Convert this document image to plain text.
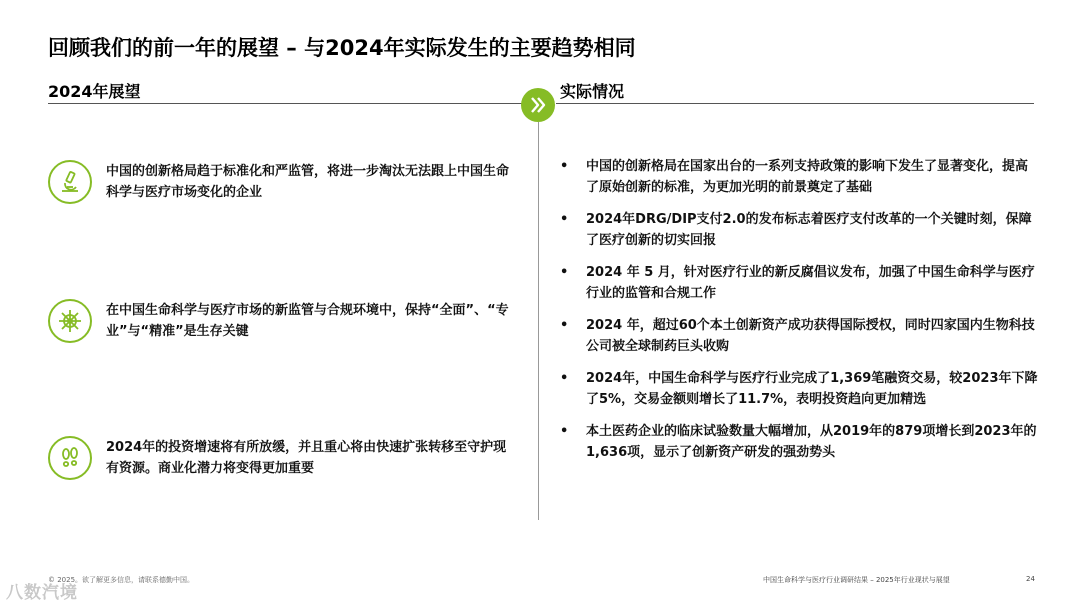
回顾我们的前一年的展望 – 与2024年实际发生的主要趋势相同
2024年展望	实际情况
中国的创新格局趋于标准化和严监管，将进一步淘汰无法跟上中国生命科学与医疗市场变化的企业
在中国生命科学与医疗市场的新监管与合规环境中，保持“全面”、“专业”与“精准”是生存关键
2024年的投资增速将有所放缓，并且重心将由快速扩张转移至守护现有资源。商业化潜力将变得更加重要
• 中国的创新格局在国家出台的一系列支持政策的影响下发生了显著变化，提高了原始创新的标准，为更加光明的前景奠定了基础
• 2024年DRG/DIP支付2.0的发布标志着医疗支付改革的一个关键时刻，保障了医疗创新的切实回报
• 2024 年 5 月，针对医疗行业的新反腐倡议发布，加强了中国生命科学与医疗行业的监管和合规工作
• 2024 年，超过60个本土创新资产成功获得国际授权，同时四家国内生物科技公司被全球制药巨头收购
• 2024年，中国生命科学与医疗行业完成了1,369笔融资交易，较2023年下降了5%，交易金额则增长了11.7%，表明投资趋向更加精选
• 本土医药企业的临床试验数量大幅增加，从2019年的879项增长到2023年的1,636项，显示了创新资产研发的强劲势头
八数汽境
© 2025。欲了解更多信息，请联系德勤中国。	中国生命科学与医疗行业调研结果 – 2025年行业现状与展望	24
